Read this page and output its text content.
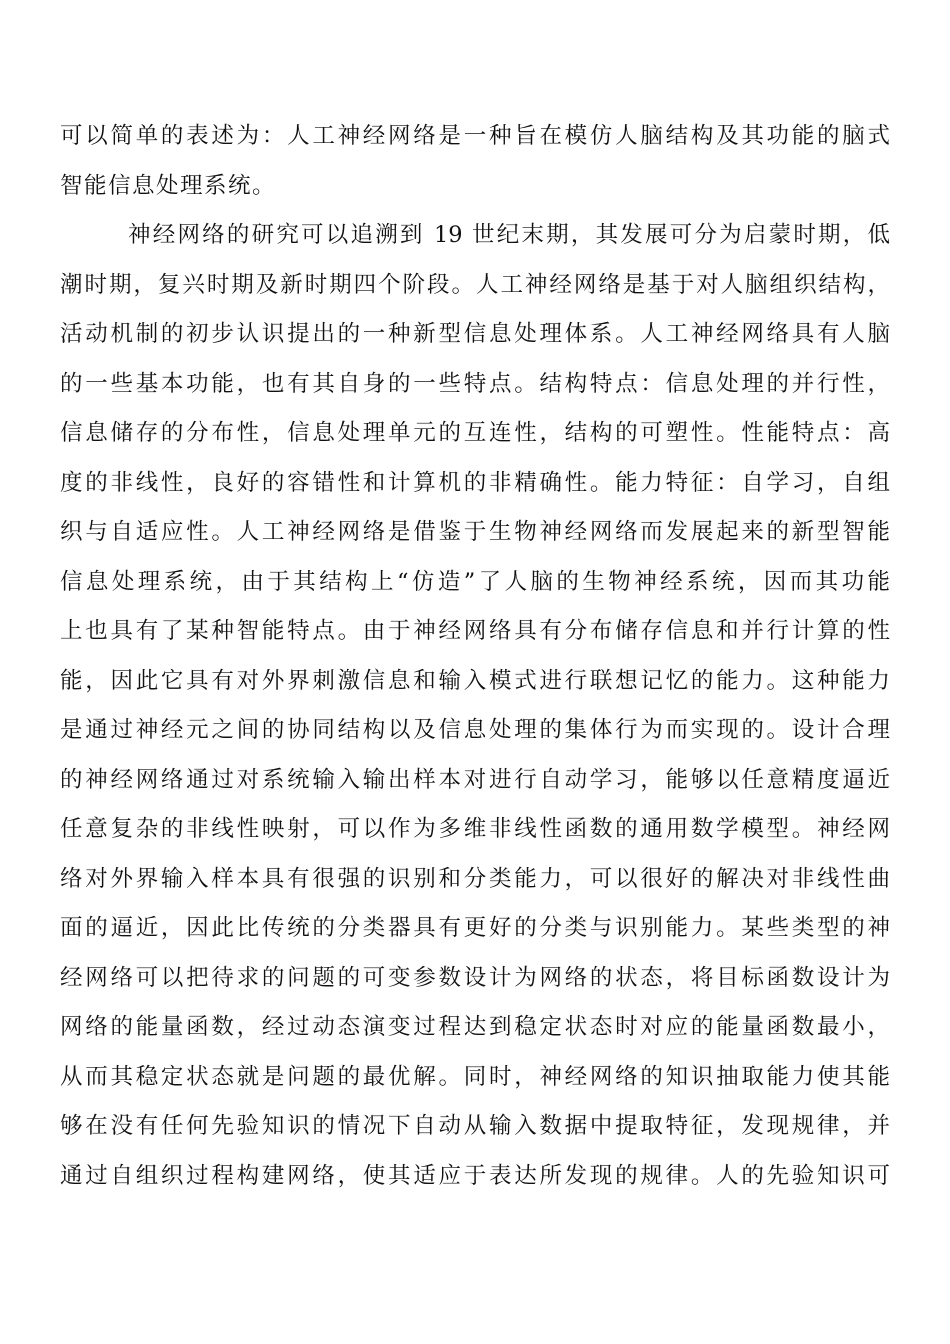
可以简单的表述为：人工神经网络是一种旨在模仿人脑结构及其功能的脑式
智能信息处理系统。
神经网络的研究可以追溯到 19 世纪末期，其发展可分为启蒙时期，低
潮时期，复兴时期及新时期四个阶段。人工神经网络是基于对人脑组织结构，
活动机制的初步认识提出的一种新型信息处理体系。人工神经网络具有人脑
的一些基本功能，也有其自身的一些特点。结构特点：信息处理的并行性，
信息储存的分布性，信息处理单元的互连性，结构的可塑性。性能特点：高
度的非线性，良好的容错性和计算机的非精确性。能力特征：自学习，自组
织与自适应性。人工神经网络是借鉴于生物神经网络而发展起来的新型智能
信息处理系统，由于其结构上“仿造”了人脑的生物神经系统，因而其功能
上也具有了某种智能特点。由于神经网络具有分布储存信息和并行计算的性
能，因此它具有对外界刺激信息和输入模式进行联想记忆的能力。这种能力
是通过神经元之间的协同结构以及信息处理的集体行为而实现的。设计合理
的神经网络通过对系统输入输出样本对进行自动学习，能够以任意精度逼近
任意复杂的非线性映射，可以作为多维非线性函数的通用数学模型。神经网
络对外界输入样本具有很强的识别和分类能力，可以很好的解决对非线性曲
面的逼近，因此比传统的分类器具有更好的分类与识别能力。某些类型的神
经网络可以把待求的问题的可变参数设计为网络的状态，将目标函数设计为
网络的能量函数，经过动态演变过程达到稳定状态时对应的能量函数最小，
从而其稳定状态就是问题的最优解。同时，神经网络的知识抽取能力使其能
够在没有任何先验知识的情况下自动从输入数据中提取特征，发现规律，并
通过自组织过程构建网络，使其适应于表达所发现的规律。人的先验知识可
